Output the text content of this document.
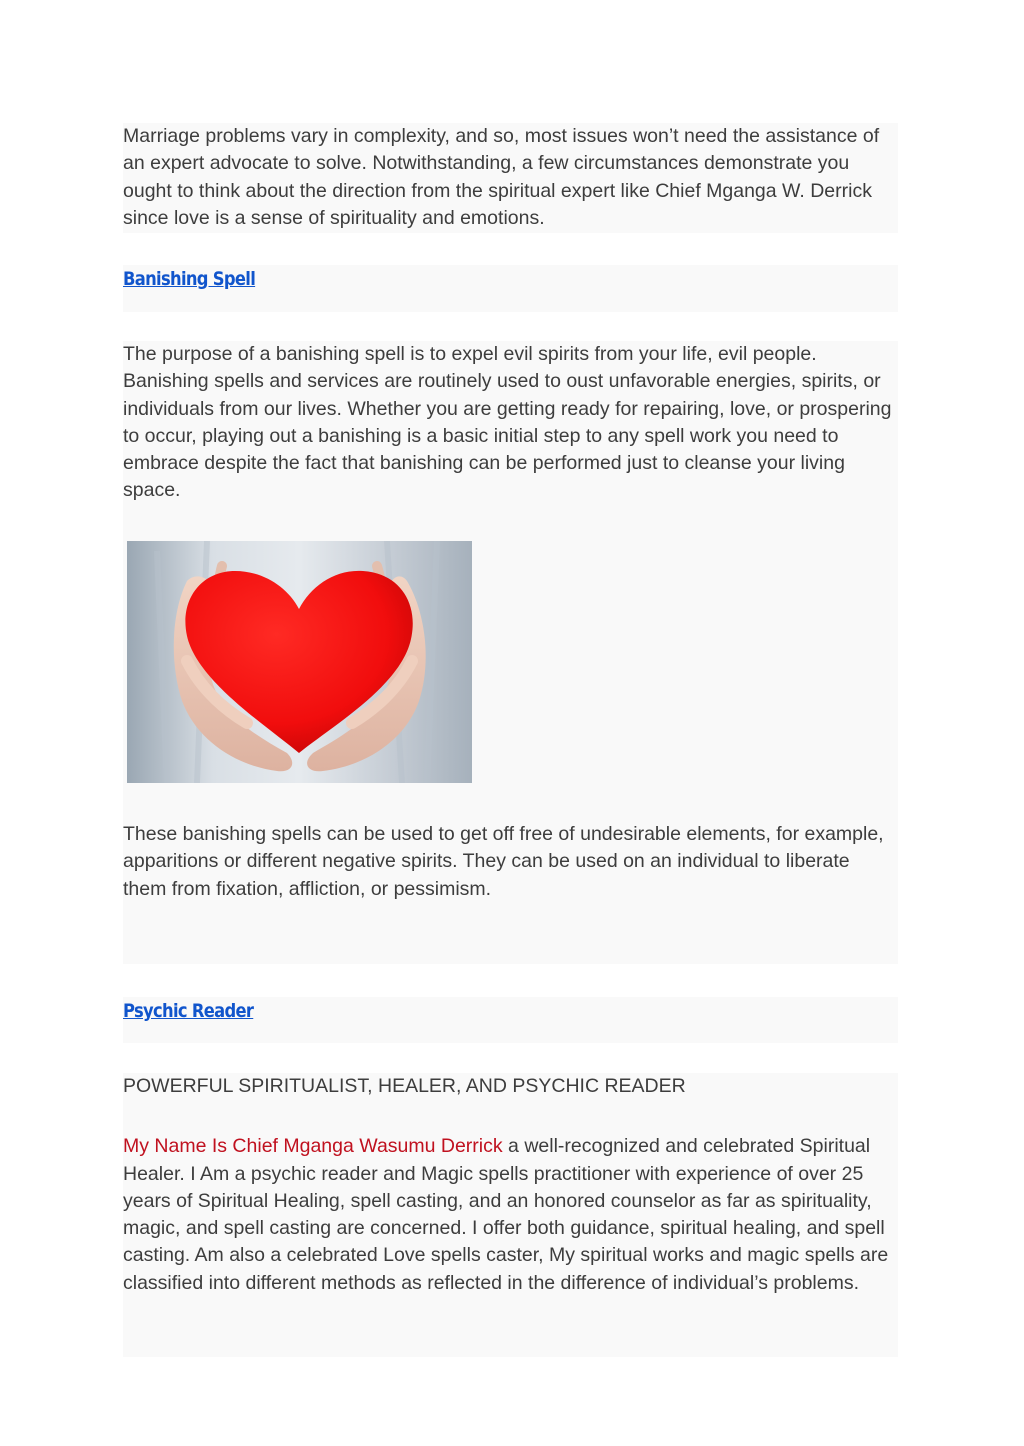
Marriage problems vary in complexity, and so, most issues won’t need the assistance of an expert advocate to solve. Notwithstanding, a few circumstances demonstrate you ought to think about the direction from the spiritual expert like Chief Mganga W. Derrick since love is a sense of spirituality and emotions.

Banishing Spell

The purpose of a banishing spell is to expel evil spirits from your life, evil people. Banishing spells and services are routinely used to oust unfavorable energies, spirits, or individuals from our lives. Whether you are getting ready for repairing, love, or prospering to occur, playing out a banishing is a basic initial step to any spell work you need to embrace despite the fact that banishing can be performed just to cleanse your living space.

These banishing spells can be used to get off free of undesirable elements, for example, apparitions or different negative spirits. They can be used on an individual to liberate them from fixation, affliction, or pessimism.

Psychic Reader

POWERFUL SPIRITUALIST, HEALER, AND PSYCHIC READER

My Name Is Chief Mganga Wasumu Derrick a well-recognized and celebrated Spiritual Healer. I Am a psychic reader and Magic spells practitioner with experience of over 25 years of Spiritual Healing, spell casting, and an honored counselor as far as spirituality, magic, and spell casting are concerned. I offer both guidance, spiritual healing, and spell casting. Am also a celebrated Love spells caster, My spiritual works and magic spells are classified into different methods as reflected in the difference of individual’s problems.
